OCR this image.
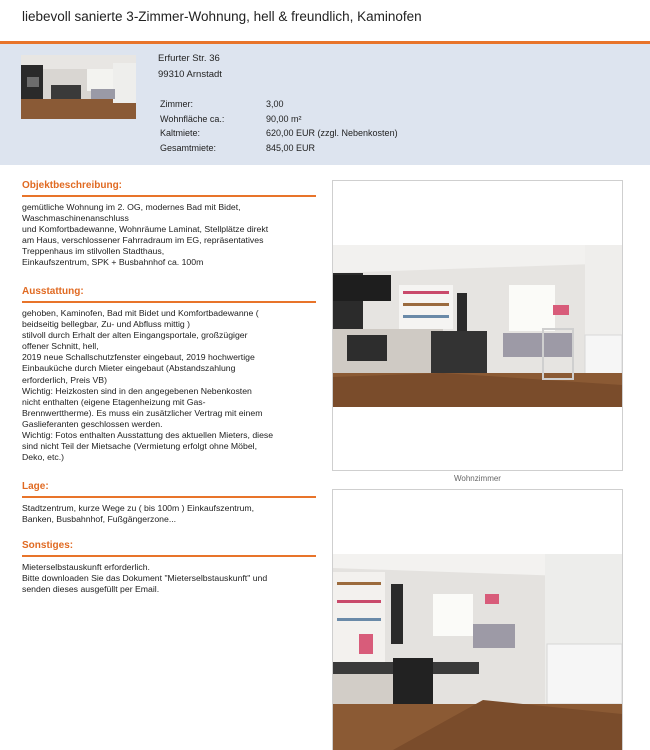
liebevoll sanierte 3-Zimmer-Wohnung, hell & freundlich, Kaminofen
Erfurter Str. 36
99310 Arnstadt
Zimmer:	3,00
Wohnfläche ca.:	90,00 m²
Kaltmiete:	620,00 EUR (zzgl. Nebenkosten)
Gesamtmiete:	845,00 EUR
Objektbeschreibung:

gemütliche Wohnung im 2. OG, modernes Bad mit Bidet,

Waschmaschinenanschluss

und Komfortbadewanne, Wohnräume Laminat, Stellplätze direkt

am Haus, verschlossener Fahrradraum im EG, repräsentatives

Treppenhaus im stilvollen Stadthaus,

Einkaufszentrum, SPK + Busbahnhof ca. 100m

Ausstattung:

gehoben, Kaminofen, Bad mit Bidet und Komfortbadewanne (

beidseitig bellegbar, Zu- und Abfluss mittig )

stilvoll durch Erhalt der alten Eingangsportale, großzügiger

offener Schnitt, hell,

2019 neue Schallschutzfenster eingebaut, 2019 hochwertige

Einbauküche durch Mieter eingebaut (Abstandszahlung

erforderlich, Preis VB)

Wichtig: Heizkosten sind in den angegebenen Nebenkosten

nicht enthalten (eigene Etagenheizung mit Gas-

Brennwerttherme). Es muss ein zusätzlicher Vertrag mit einem

Gaslieferanten geschlossen werden.

Wichtig: Fotos enthalten Ausstattung des aktuellen Mieters, diese

sind nicht Teil der Mietsache (Vermietung erfolgt ohne Möbel,

Deko, etc.)

Lage:

Stadtzentrum, kurze Wege zu ( bis 100m ) Einkaufszentrum,

Banken, Busbahnhof, Fußgängerzone...

Sonstiges:

Mieterselbstauskunft erforderlich.

Bitte downloaden Sie das Dokument "Mieterselbstauskunft" und

senden dieses ausgefüllt per Email.

Wohnzimmer
